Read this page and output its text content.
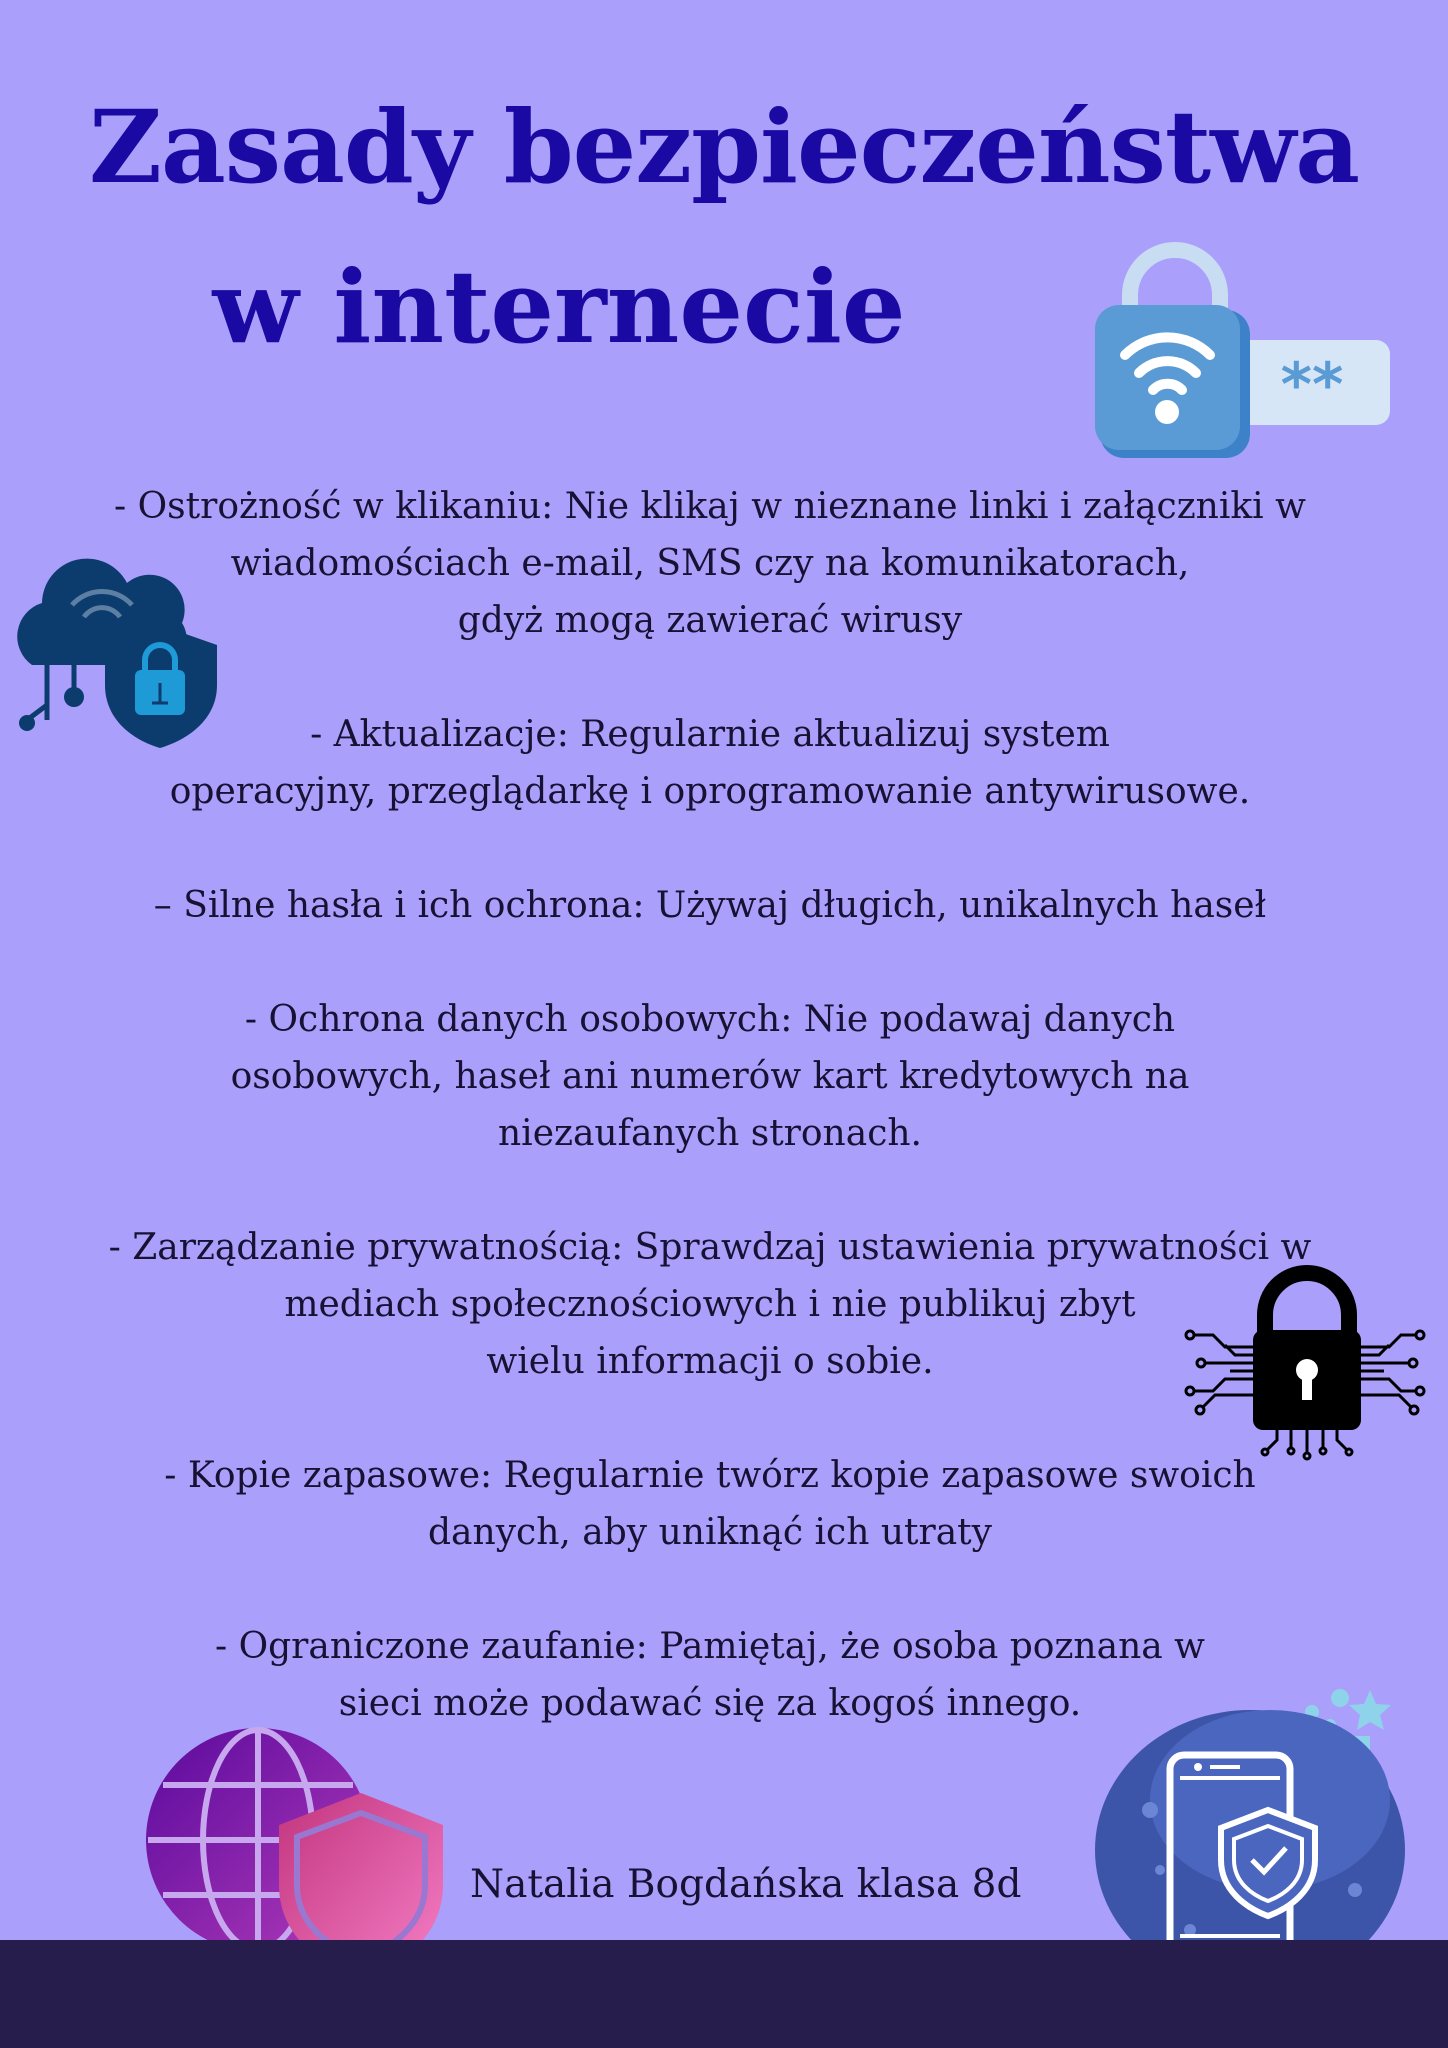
Zasady bezpieczeństwa
w internecie
**
- Ostrożność w klikaniu: Nie klikaj w nieznane linki i załączniki w
wiadomościach e-mail, SMS czy na komunikatorach,
gdyż mogą zawierać wirusy
- Aktualizacje: Regularnie aktualizuj system
operacyjny, przeglądarkę i oprogramowanie antywirusowe.
– Silne hasła i ich ochrona: Używaj długich, unikalnych haseł
- Ochrona danych osobowych: Nie podawaj danych
osobowych, haseł ani numerów kart kredytowych na
niezaufanych stronach.
- Zarządzanie prywatnością: Sprawdzaj ustawienia prywatności w
mediach społecznościowych i nie publikuj zbyt
wielu informacji o sobie.
- Kopie zapasowe: Regularnie twórz kopie zapasowe swoich
danych, aby uniknąć ich utraty
- Ograniczone zaufanie: Pamiętaj, że osoba poznana w
sieci może podawać się za kogoś innego.
Natalia Bogdańska klasa 8d
